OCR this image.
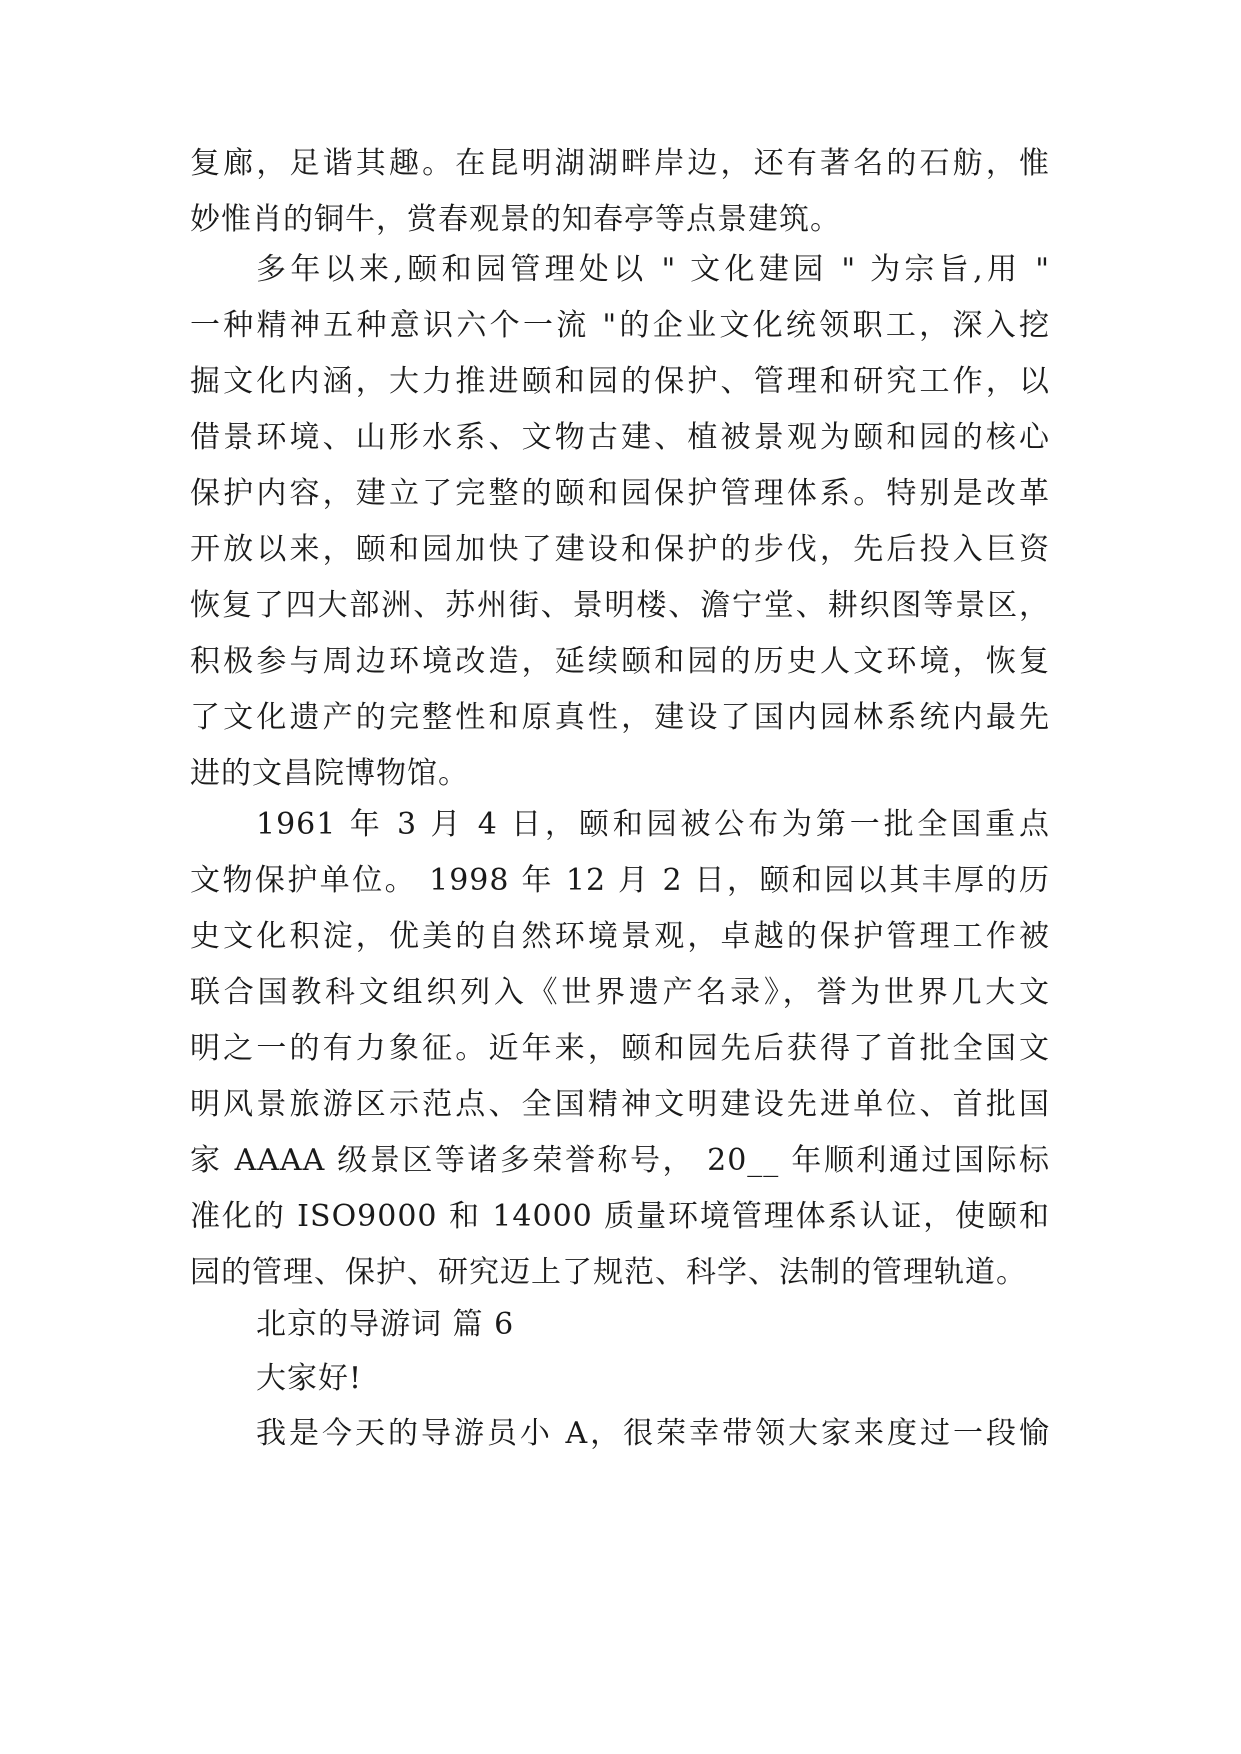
复廊，足谐其趣。在昆明湖湖畔岸边，还有著名的石舫，惟
妙惟肖的铜牛，赏春观景的知春亭等点景建筑。
多年以来,颐和园管理处以 " 文化建园 " 为宗旨,用 "
一种精神五种意识六个一流 "的企业文化统领职工，深入挖
掘文化内涵，大力推进颐和园的保护、管理和研究工作，以
借景环境、山形水系、文物古建、植被景观为颐和园的核心
保护内容，建立了完整的颐和园保护管理体系。特别是改革
开放以来，颐和园加快了建设和保护的步伐，先后投入巨资
恢复了四大部洲、苏州街、景明楼、澹宁堂、耕织图等景区，
积极参与周边环境改造，延续颐和园的历史人文环境，恢复
了文化遗产的完整性和原真性，建设了国内园林系统内最先
进的文昌院博物馆。
1961 年 3 月 4 日，颐和园被公布为第一批全国重点
文物保护单位。 1998 年 12 月 2 日，颐和园以其丰厚的历
史文化积淀，优美的自然环境景观，卓越的保护管理工作被
联合国教科文组织列入《世界遗产名录》，誉为世界几大文
明之一的有力象征。近年来，颐和园先后获得了首批全国文
明风景旅游区示范点、全国精神文明建设先进单位、首批国
家 AAAA 级景区等诸多荣誉称号， 20__ 年顺利通过国际标
准化的 ISO9000 和 14000 质量环境管理体系认证，使颐和
园的管理、保护、研究迈上了规范、科学、法制的管理轨道。
北京的导游词 篇 6
大家好!
我是今天的导游员小 A，很荣幸带领大家来度过一段愉
